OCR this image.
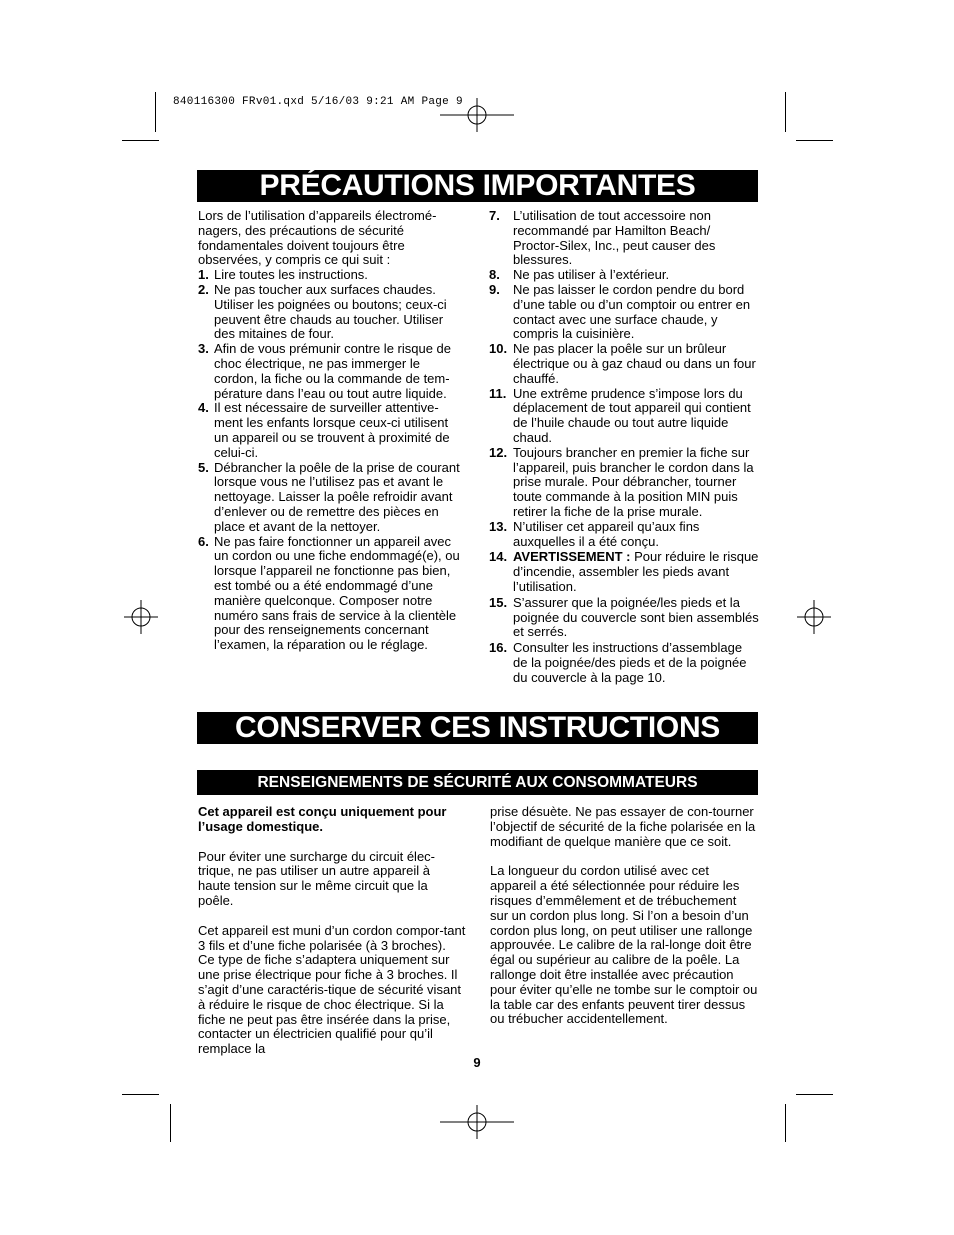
840116300 FRv01.qxd 5/16/03 9:21 AM Page 9
PRÉCAUTIONS IMPORTANTES

Lors de l’utilisation d’appareils électromé-nagers, des précautions de sécurité fondamentales doivent toujours être observées, y compris ce qui suit :

1. Lire toutes les instructions.
2. Ne pas toucher aux surfaces chaudes. Utiliser les poignées ou boutons; ceux-ci peuvent être chauds au toucher. Utiliser des mitaines de four.
3. Afin de vous prémunir contre le risque de choc électrique, ne pas immerger le cordon, la fiche ou la commande de tem-pérature dans l’eau ou tout autre liquide.
4. Il est nécessaire de surveiller attentive-ment les enfants lorsque ceux-ci utilisent un appareil ou se trouvent à proximité de celui-ci.
5. Débrancher la poêle de la prise de courant lorsque vous ne l’utilisez pas et avant le nettoyage. Laisser la poêle refroidir avant d’enlever ou de remettre des pièces en place et avant de la nettoyer.
6. Ne pas faire fonctionner un appareil avec un cordon ou une fiche endommagé(e), ou lorsque l’appareil ne fonctionne pas bien, est tombé ou a été endommagé d’une manière quelconque. Composer notre numéro sans frais de service à la clientèle pour des renseignements concernant l’examen, la réparation ou le réglage.
7. L’utilisation de tout accessoire non recommandé par Hamilton Beach/ Proctor-Silex, Inc., peut causer des blessures.
8. Ne pas utiliser à l’extérieur.
9. Ne pas laisser le cordon pendre du bord d’une table ou d’un comptoir ou entrer en contact avec une surface chaude, y compris la cuisinière.
10. Ne pas placer la poêle sur un brûleur électrique ou à gaz chaud ou dans un four chauffé.
11. Une extrême prudence s’impose lors du déplacement de tout appareil qui contient de l’huile chaude ou tout autre liquide chaud.
12. Toujours brancher en premier la fiche sur l’appareil, puis brancher le cordon dans la prise murale. Pour débrancher, tourner toute commande à la position MIN puis retirer la fiche de la prise murale.
13. N’utiliser cet appareil qu’aux fins auxquelles il a été conçu.
14. AVERTISSEMENT : Pour réduire le risque d’incendie, assembler les pieds avant l’utilisation.
15. S’assurer que la poignée/les pieds et la poignée du couvercle sont bien assemblés et serrés.
16. Consulter les instructions d’assemblage de la poignée/des pieds et de la poignée du couvercle à la page 10.
CONSERVER CES INSTRUCTIONS
RENSEIGNEMENTS DE SÉCURITÉ AUX CONSOMMATEURS

Cet appareil est conçu uniquement pour l’usage domestique.

Pour éviter une surcharge du circuit élec-trique, ne pas utiliser un autre appareil à haute tension sur le même circuit que la poêle.

Cet appareil est muni d’un cordon compor-tant 3 fils et d’une fiche polarisée (à 3 broches). Ce type de fiche s’adaptera uniquement sur une prise électrique pour fiche à 3 broches. Il s’agit d’une caractéris-tique de sécurité visant à réduire le risque de choc électrique. Si la fiche ne peut pas être insérée dans la prise, contacter un électricien qualifié pour qu’il remplace la

prise désuète. Ne pas essayer de con-tourner l’objectif de sécurité de la fiche polarisée en la modifiant de quelque manière que ce soit.

La longueur du cordon utilisé avec cet appareil a été sélectionnée pour réduire les risques d’emmêlement et de trébuchement sur un cordon plus long. Si l’on a besoin d’un cordon plus long, on peut utiliser une rallonge approuvée. Le calibre de la ral-longe doit être égal ou supérieur au calibre de la poêle. La rallonge doit être installée avec précaution pour éviter qu’elle ne tombe sur le comptoir ou la table car des enfants peuvent tirer dessus ou trébucher accidentellement.

9
